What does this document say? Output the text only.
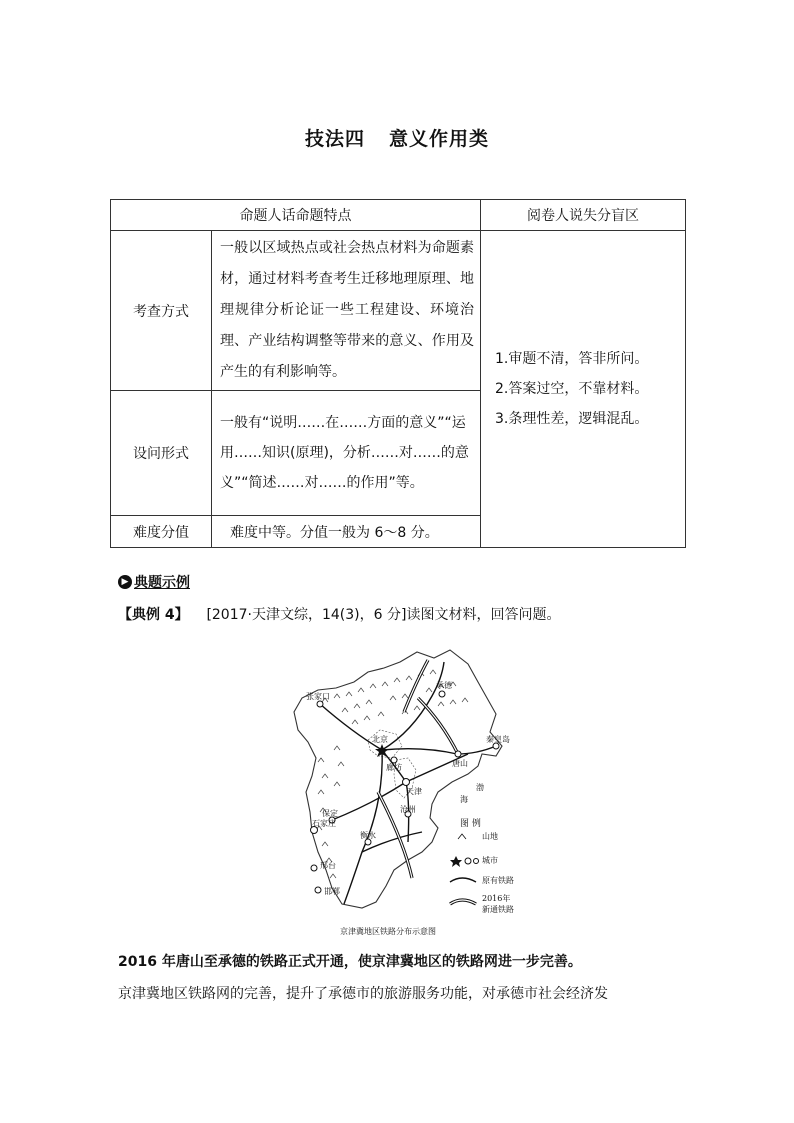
技法四 意义作用类
命题人话命题特点		阅卷人说失分盲区
考查方式	一般以区域热点或社会热点材料为命题素材，通过材料考查考生迁移地理原理、地理规律分析论证一些工程建设、环境治理、产业结构调整等带来的意义、作用及产生的有利影响等。	1.审题不清，答非所问。
2.答案过空，不靠材料。
3.条理性差，逻辑混乱。

设问形式	一般有“说明……在……方面的意义”“运用……知识(原理)，分析……对……的意义”“简述……对……的作用”等。	
难度分值	难度中等。分值一般为 6～8 分。	
▶ 典题示例
【典例 4】 [2017·天津文综，14(3)，6 分]读图文材料，回答问题。
张家口
承德
北京
廊坊	唐山
秦皇岛
天津
保定
石家庄
衡水
沧州
邢台
邯郸
渤
海
图 例
山地
城市
原有铁路
2016年
新通铁路
京津冀地区铁路分布示意图
2016 年唐山至承德的铁路正式开通，使京津冀地区的铁路网进一步完善。
京津冀地区铁路网的完善，提升了承德市的旅游服务功能，对承德市社会经济发
